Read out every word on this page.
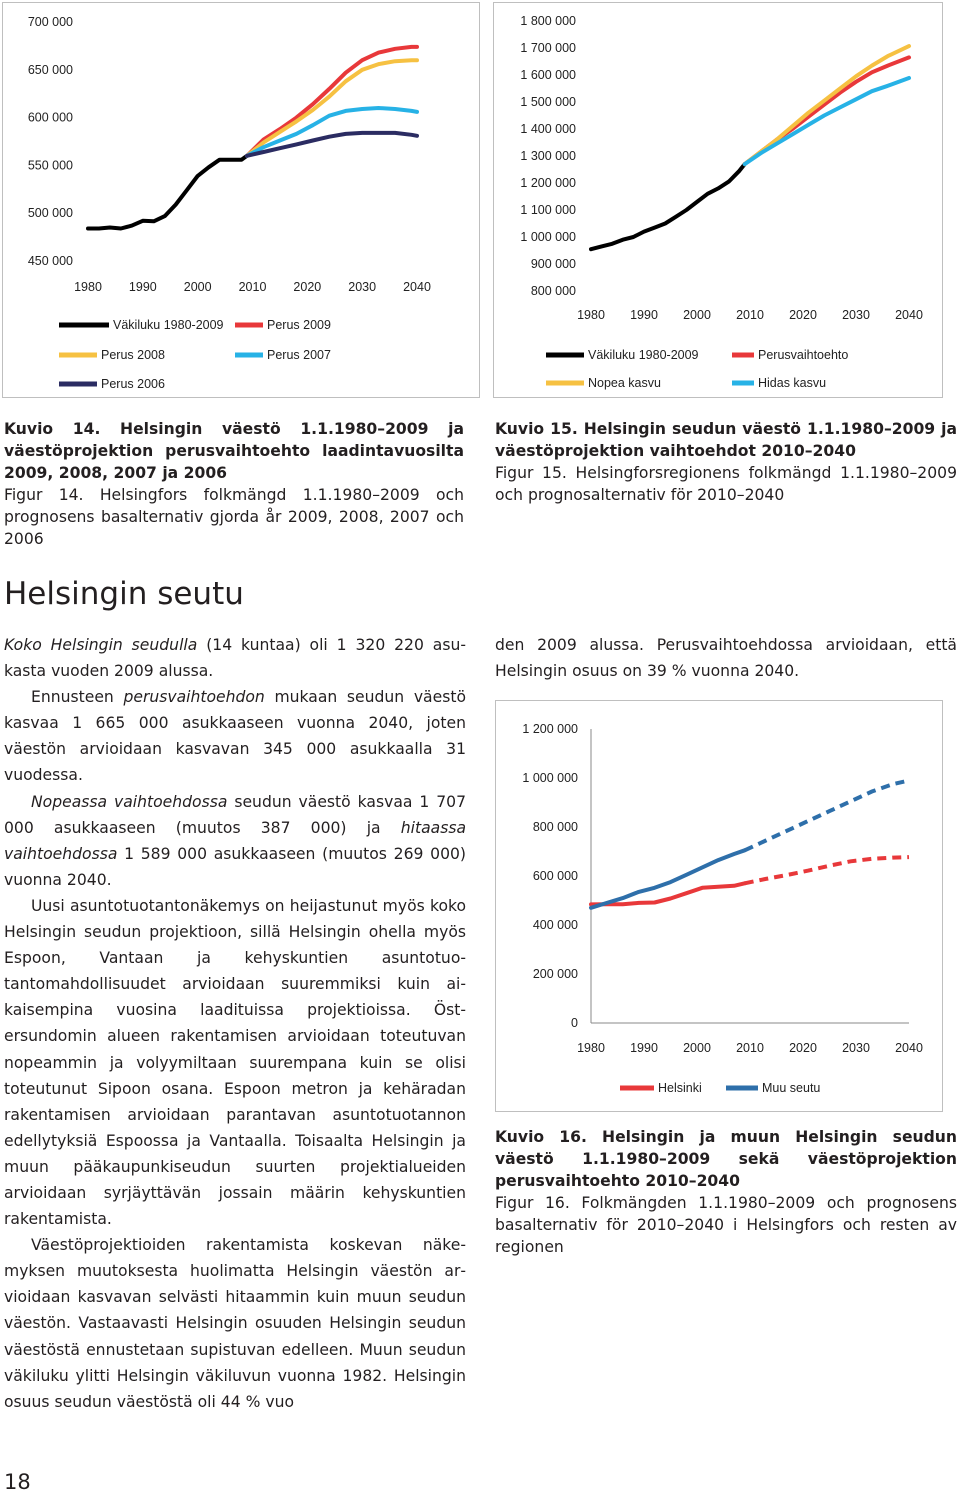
700 000
650 000
600 000
550 000
500 000
450 000
1980 1990 2000 2010 2020 2030 2040
Väkiluku 1980-2009	Perus 2009
Perus 2008	Perus 2007
Perus 2006
1 800 000
1 700 000
1 600 000
1 500 000
1 400 000
1 300 000
1 200 000
1 100 000
1 000 000
900 000
800 000
1980 1990 2000 2010 2020 2030 2040
Väkiluku 1980-2009	Perusvaihtoehto
Nopea kasvu	Hidas kasvu
Kuvio 14. Helsingin väestö 1.1.1980–2009 ja väestöprojektion perusvaihtoehto laadintavuosilta 2009, 2008, 2007 ja 2006
Figur 14. Helsingfors folkmängd 1.1.1980–2009 och prognosens basalternativ gjorda år 2009, 2008, 2007 och 2006
Kuvio 15. Helsingin seudun väestö 1.1.1980–2009 ja väestöprojektion vaihtoehdot 2010–2040
Figur 15. Helsingforsregionens folkmängd 1.1.1980–2009 och prognosalternativ för 2010–2040
Helsingin seutu

Koko Helsingin seudulla (14 kuntaa) oli 1 320 220 asukasta vuoden 2009 alussa.

Ennusteen perusvaihtoehdon mukaan seudun väestö kasvaa 1 665 000 asukkaaseen vuonna 2040, joten väestön arvioidaan kasvavan 345 000 asukkaalla 31 vuodessa.

Nopeassa vaihtoehdossa seudun väestö kasvaa 1 707 000 asukkaaseen (muutos 387 000) ja hitaassa vaihtoehdossa 1 589 000 asukkaaseen (muutos 269 000) vuonna 2040.

Uusi asuntotuotantonäkemys on heijastunut myös koko Helsingin seudun projektioon, sillä Helsingin ohella myös Espoon, Vantaan ja kehyskuntien asuntotuotantomahdollisuudet arvioidaan suuremmiksi kuin aikaisempina vuosina laadituissa projektioissa. Östersundomin alueen rakentamisen arvioidaan toteutuvan nopeammin ja volyymiltaan suurempana kuin se olisi toteutunut Sipoon osana. Espoon metron ja kehäradan rakentamisen arvioidaan parantavan asuntotuotannon edellytyksiä Espoossa ja Vantaalla. Toisaalta Helsingin ja muun pääkaupunkiseudun suurten projektialueiden arvioidaan syrjäyttävän jossain määrin kehyskuntien rakentamista.

Väestöprojektioiden rakentamista koskevan näkemyksen muutoksesta huolimatta Helsingin väestön arvioidaan kasvavan selvästi hitaammin kuin muun seudun väestön. Vastaavasti Helsingin osuuden Helsingin seudun väestöstä ennustetaan supistuvan edelleen. Muun seudun väkiluku ylitti Helsingin väkiluvun vuonna 1982. Helsingin osuus seudun väestöstä oli 44 % vuo

den 2009 alussa. Perusvaihtoehdossa arvioidaan, että Helsingin osuus on 39 % vuonna 2040.

1 200 000
1 000 000
800 000
600 000
400 000
200 000
0
1980 1990 2000 2010 2020 2030 2040
Helsinki	Muu seutu
Kuvio 16. Helsingin ja muun Helsingin seudun väestö 1.1.1980–2009 sekä väestöprojektion perusvaihtoehto 2010–2040
Figur 16. Folkmängden 1.1.1980–2009 och prognosens basalternativ för 2010–2040 i Helsingfors och resten av regionen
18
